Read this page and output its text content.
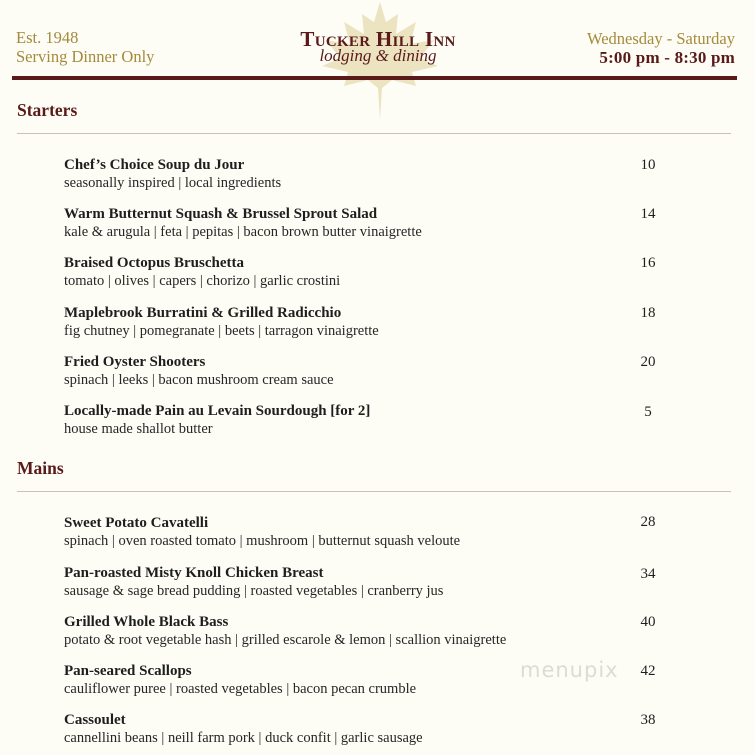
Est. 1948
Serving Dinner Only
Tucker Hill Inn
lodging & dining
Wednesday - Saturday
5:00 pm - 8:30 pm
Starters
Chef’s Choice Soup du Jour
seasonally inspired | local ingredients
10
Warm Butternut Squash & Brussel Sprout Salad
kale & arugula | feta | pepitas | bacon brown butter vinaigrette
14
Braised Octopus Bruschetta
tomato | olives | capers | chorizo | garlic crostini
16
Maplebrook Burratini & Grilled Radicchio
fig chutney | pomegranate | beets | tarragon vinaigrette
18
Fried Oyster Shooters
spinach | leeks | bacon mushroom cream sauce
20
Locally-made Pain au Levain Sourdough [for 2]
house made shallot butter
5
Mains
Sweet Potato Cavatelli
spinach | oven roasted tomato | mushroom | butternut squash veloute
28
Pan-roasted Misty Knoll Chicken Breast
sausage & sage bread pudding | roasted vegetables | cranberry jus
34
Grilled Whole Black Bass
potato & root vegetable hash | grilled escarole & lemon | scallion vinaigrette
40
Pan-seared Scallops
cauliflower puree | roasted vegetables | bacon pecan crumble
42
Cassoulet
cannellini beans | neill farm pork | duck confit | garlic sausage
38
menupix
